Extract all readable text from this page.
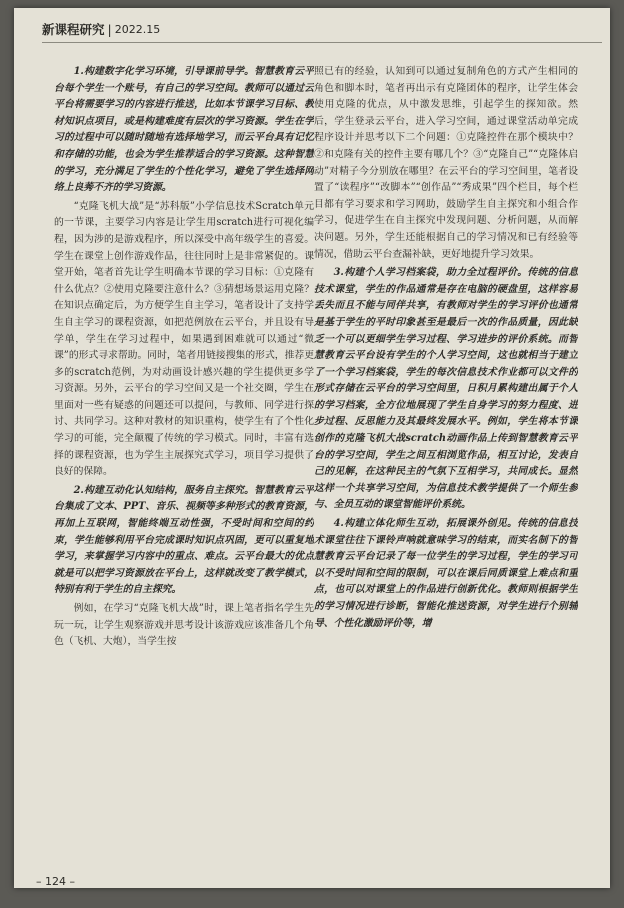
新课程研究 | 2022.15

1.构建数字化学习环境，引导课前导学。智慧教育云平台每个学生一个账号，有自己的学习空间。教师可以通过云平台将需要学习的内容进行推送，比如本节课学习目标、教材知识点项目，或是构建难度有层次的学习资源。学生在学习的过程中可以随时随地有选择地学习，而云平台具有记忆和存储的功能，也会为学生推荐适合的学习资源。这种智慧的学习，充分满足了学生的个性化学习，避免了学生选择网络上良莠不齐的学习资源。

“克隆飞机大战”是“苏科版”小学信息技术Scratch单元的一节课，主要学习内容是让学生用scratch进行可视化编程，因为涉的是游戏程序，所以深受中高年级学生的喜爱。学生在课堂上创作游戏作品，往往同时上是非常紧促的。课堂开始，笔者首先让学生明确本节课的学习目标：①克隆有什么优点？②使用克隆要注意什么？③猜想场景运用克隆？在知识点确定后，为方便学生自主学习，笔者设计了支持学生自主学习的课程资源，如把范例放在云平台，并且设有导学单，学生在学习过程中，如果遇到困难就可以通过“微课”的形式寻求帮助。同时，笔者用链接搜集的形式，推荐更多的scratch范例，为对动画设计感兴趣的学生提供更多学习资源。另外，云平台的学习空间又是一个社交圈，学生在里面对一些有疑惑的问题还可以提问，与教师、同学进行探讨、共同学习。这种对教材的知识重构，使学生有了个性化学习的可能，完全颠覆了传统的学习模式。同时，丰富有选择的课程资源，也为学生主展探究式学习，项目学习提供了良好的保障。

2.构建互动化认知结构，服务自主探究。智慧教育云平台集成了文本、PPT、音乐、视频等多种形式的教育资源，再加上互联网，智能终端互动性强，不受时间和空间的约束，学生能够利用平台完成课时知识点巩固，更可以重复地学习，来掌握学习内容中的重点、难点。云平台最大的优点就是可以把学习资源放在平台上，这样就改变了教学模式，特别有利于学生的自主探究。

例如，在学习“克隆飞机大战”时，课上笔者指名学生先玩一玩，让学生观察游戏并思考设计该游戏应该准备几个角色（飞机、大炮），当学生按

照已有的经验，认知到可以通过复制角色的方式产生相同的角色和脚本时，笔者再出示有克隆团体的程序，让学生体会使用克隆的优点，从中激发思维，引起学生的探知欲。然后，学生登录云平台，进入学习空间，通过课堂活动单完成程序设计并思考以下二个问题：①克隆控件在那个模块中？②和克隆有关的控件主要有哪几个？③“克隆自己”“克隆体启动”对精子今分别放在哪里？在云平台的学习空间里，笔者设置了“读程序”“改脚本”“创作品”“秀成果”四个栏目，每个栏目都有学习要求和学习网助，鼓励学生自主探究和小组合作学习，促进学生在自主探究中发现问题、分析问题，从而解决问题。另外，学生还能根据自己的学习情况和已有经验等情况，借助云平台查漏补缺，更好地提升学习效果。

3.构建个人学习档案袋，助力全过程评价。传统的信息技术课堂，学生的作品通常是存在电脑的硬盘里，这样容易丢失而且不能与同伴共享，有教师对学生的学习评价也通常是基于学生的平时印象甚至是最后一次的作品质量，因此缺乏一个可以更细学生学习过程、学习进步的评价系统。而智慧教育云平台设有学生的个人学习空间，这也就相当于建立了一个学习档案袋，学生的每次信息技术作业都可以文件的形式存储在云平台的学习空间里，日积月累构建出属于个人的学习档案，全方位地展现了学生自身学习的努力程度、进步过程、反思能力及其最终发展水平。例如，学生将本节课创作的克隆飞机大战scratch动画作品上传到智慧教育云平台的学习空间，学生之间互相浏览作品，相互讨论，发表自己的见解，在这种民主的气氛下互相学习，共同成长。显然这样一个共享学习空间，为信息技术教学提供了一个师生参与、全员互动的课堂智能评价系统。

4.构建立体化师生互动，拓展课外创见。传统的信息技术课堂往往下课铃声响就意味学习的结束，而实名制下的智慧教育云平台记录了每一位学生的学习过程，学生的学习可以不受时间和空间的限制，可以在课后同质课堂上难点和重点，也可以对课堂上的作品进行创新优化。教师则根据学生的学习情况进行诊断，智能化推送资源，对学生进行个别辅导、个性化激励评价等，增

– 124 –
